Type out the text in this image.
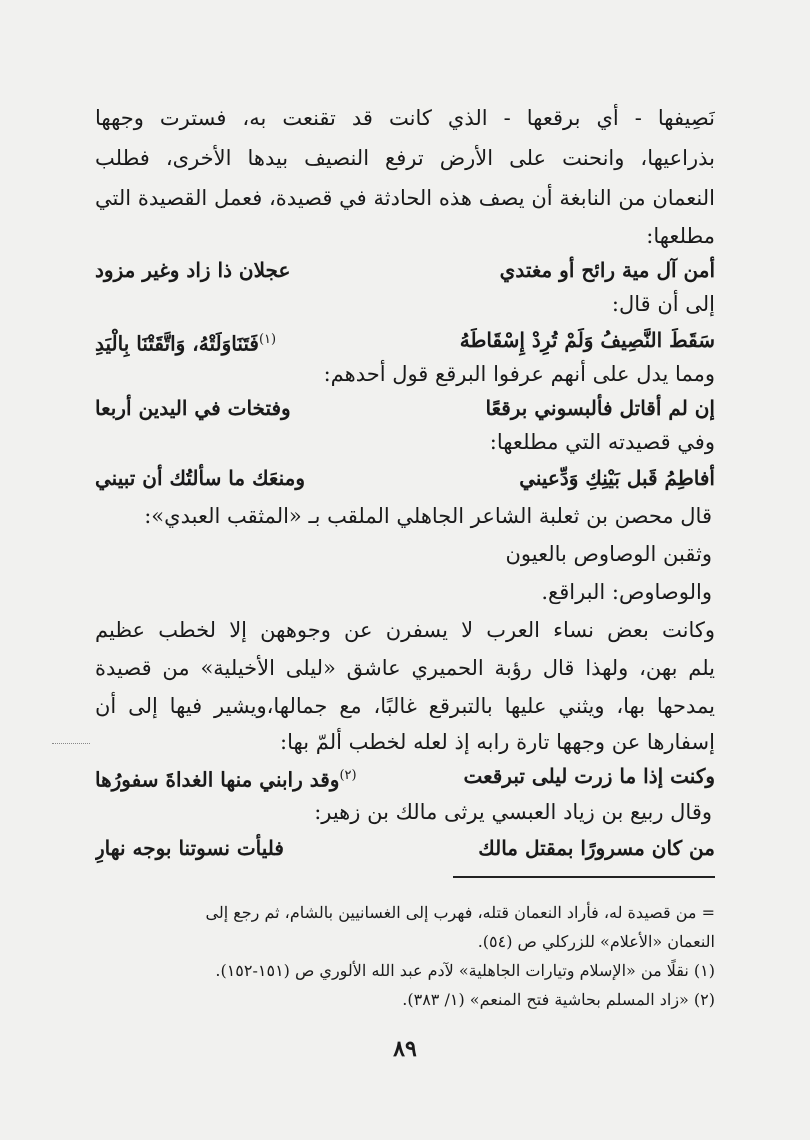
نَصِيفها - أي برقعها - الذي كانت قد تقنعت به، فسترت وجهها
بذراعيها، وانحنت على الأرض ترفع النصيف بيدها الأخرى، فطلب
النعمان من النابغة أن يصف هذه الحادثة في قصيدة، فعمل القصيدة التي
مطلعها:
أمن آل مية رائح أو مغتدي
عجلان ذا زاد وغير مزود
إلى أن قال:
سَقَطَ النَّصِيفُ وَلَمْ تُرِدْ إِسْقَاطَهُ
$^{(١)}$فَتَنَاوَلَتْهُ، وَاتَّقَتْنَا بِالْيَدِ
ومما يدل على أنهم عرفوا البرقع قول أحدهم:
إن لم أقاتل فألبسوني برقعًا
وفتخات في اليدين أربعا
وفي قصيدته التي مطلعها:
أفاطِمُ قَبل بَيْنِكِ وَدِّعيني
ومنعَك ما سألتُك أن تبيني
قال محصن بن ثعلبة الشاعر الجاهلي الملقب بـ «المثقب العبدي»:
وثقبن الوصاوص بالعيون
والوصاوص: البراقع.
وكانت بعض نساء العرب لا يسفرن عن وجوههن إلا لخطب عظيم
يلم بهن، ولهذا قال رؤبة الحميري عاشق «ليلى الأخيلية» من قصيدة
يمدحها بها، ويثني عليها بالتبرقع غالبًا، مع جمالها،ويشير فيها إلى أن
إسفارها عن وجهها تارة رابه إذ لعله لخطب ألمّ بها:
وكنت إذا ما زرت ليلى تبرقعت
$^{(٢)}$وقد رابني منها الغداةَ سفورُها
وقال ربيع بن زياد العبسي يرثى مالك بن زهير:
من كان مسرورًا بمقتل مالك
فليأت نسوتنا بوجه نهارِ
= من قصيدة له، فأراد النعمان قتله، فهرب إلى الغسانيين بالشام، ثم رجع إلى
النعمان «الأعلام» للزركلي ص (٥٤).
(١) نقلًا من «الإسلام وتيارات الجاهلية» لآدم عبد الله الألوري ص (١٥١-١٥٢).
(٢) «زاد المسلم بحاشية فتح المنعم» (١/ ٣٨٣).
٨٩
